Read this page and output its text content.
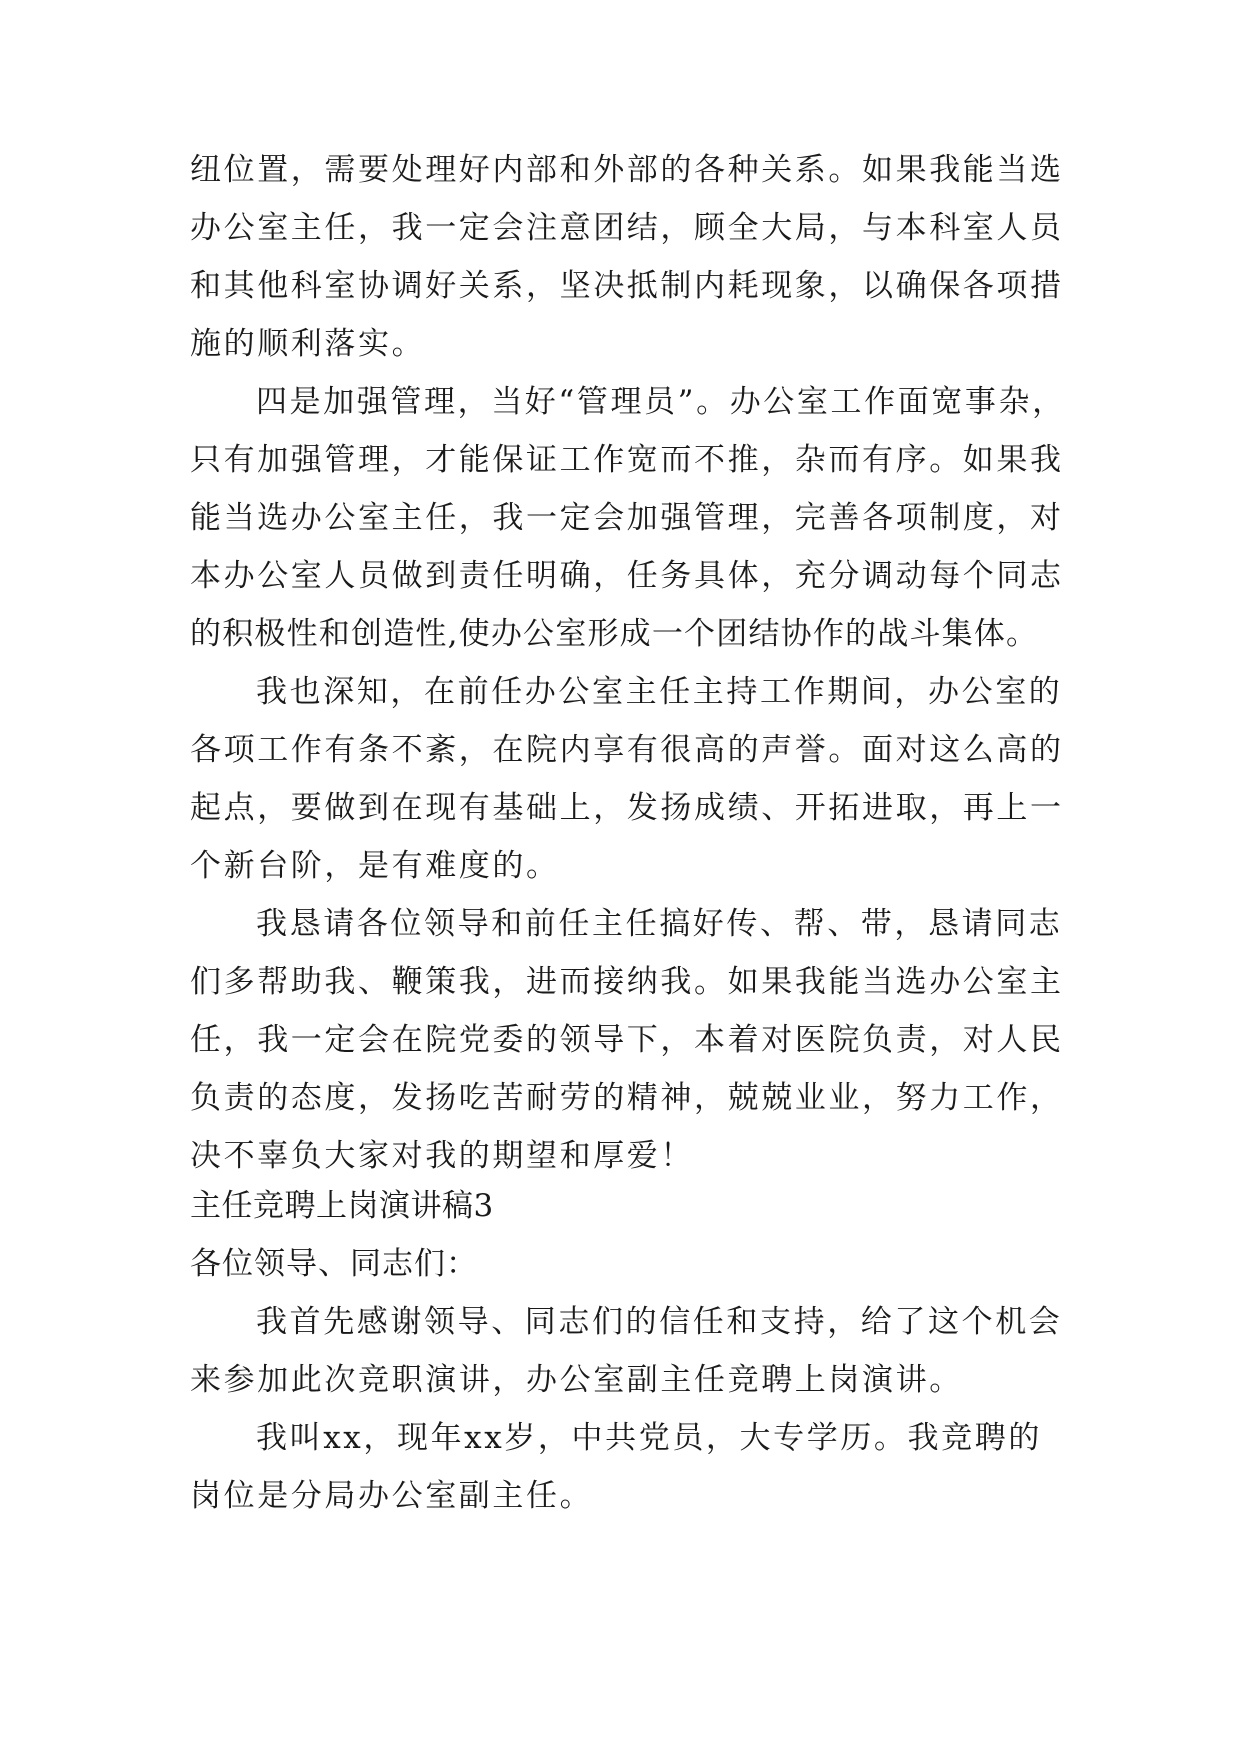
纽位置，需要处理好内部和外部的各种关系。如果我能当选
办公室主任，我一定会注意团结，顾全大局，与本科室人员
和其他科室协调好关系，坚决抵制内耗现象，以确保各项措
施的顺利落实。
四是加强管理，当好“管理员”。办公室工作面宽事杂，
只有加强管理，才能保证工作宽而不推，杂而有序。如果我
能当选办公室主任，我一定会加强管理，完善各项制度，对
本办公室人员做到责任明确，任务具体，充分调动每个同志
的积极性和创造性,使办公室形成一个团结协作的战斗集体。
我也深知，在前任办公室主任主持工作期间，办公室的
各项工作有条不紊，在院内享有很高的声誉。面对这么高的
起点，要做到在现有基础上，发扬成绩、开拓进取，再上一
个新台阶，是有难度的。
我恳请各位领导和前任主任搞好传、帮、带，恳请同志
们多帮助我、鞭策我，进而接纳我。如果我能当选办公室主
任，我一定会在院党委的领导下，本着对医院负责，对人民
负责的态度，发扬吃苦耐劳的精神，兢兢业业，努力工作，
决不辜负大家对我的期望和厚爱！
主任竞聘上岗演讲稿3
各位领导、同志们：
我首先感谢领导、同志们的信任和支持，给了这个机会
来参加此次竞职演讲，办公室副主任竞聘上岗演讲。
我叫xx，现年xx岁，中共党员，大专学历。我竞聘的
岗位是分局办公室副主任。
